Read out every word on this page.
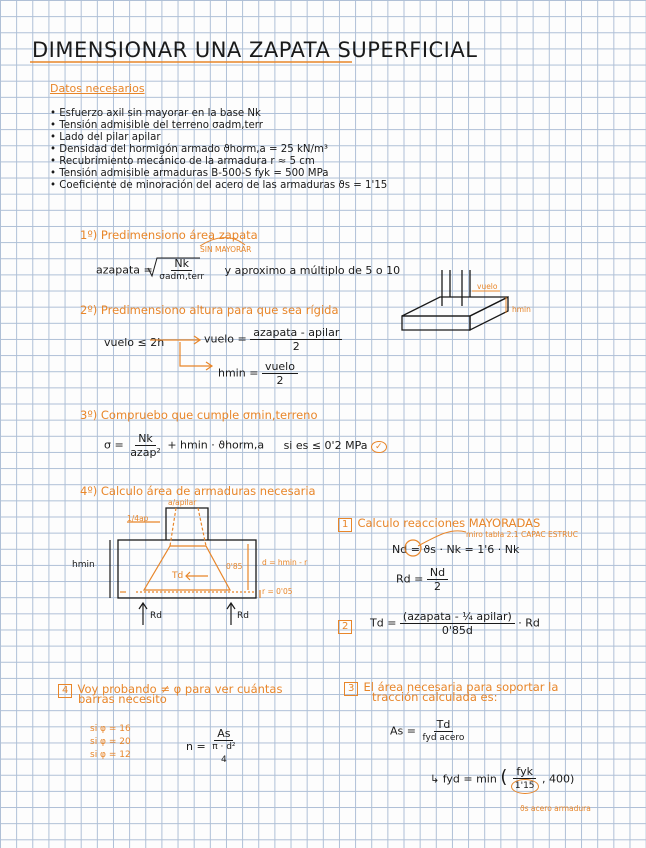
DIMENSIONAR UNA ZAPATA SUPERFICIAL
Datos necesarios
• Esfuerzo axil sin mayorar en la base Nk
• Tensión admisible del terreno σadm,terr
• Lado del pilar apilar
• Densidad del hormigón armado ϑhorm,a = 25 kN/m³
• Recubrimiento mecánico de la armadura r ≈ 5 cm
• Tensión admisible armaduras B-500-S fyk = 500 MPa
• Coeficiente de minoración del acero de las armaduras ϑs = 1'15
1º) Predimensiono área zapata
SIN MAYORAR
azapata = $\frac{Nk}{\text{σadm,terr}}$ y aproximo a múltiplo de 5 o 10
2º) Predimensiono altura para que sea rígida
vuelo ≤ 2h	vuelo = $\frac{\text{azapata - apilar}}{2}$
$hmin = \frac{\text{vuelo}}{2}$
vuelo
hmin
3º) Compruebo que cumple σmin,terreno
$\sigma = \frac{Nk}{\text{azap²}} + hmin$ · ϑhorm,a si es ≤ 0'2 MPa ✓
4º) Calculo área de armaduras necesaria
a/apilar
1/4ap
hmin
Td
0'85	d = hmin - r
r = 0'05
Rd	Rd
1 Calculo reacciones MAYORADAS
miro tabla 2.1 CAPAC ESTRUC
Nd = ϑs · Nk = 1'6 · Nk
$Rd = \frac{Nd}{2}$
2	$Td = \frac{\text{(azapata - ¼ apilar)}}{0'85d} \cdot Rd$
4 Voy probando ≠ φ para ver cuántas
barras necesito
si φ = 16
si φ = 20
si φ = 12
n =
As
π · d²
4
3 El área necesaria para soportar la
tracción calculada es:
$As = \frac{Td}{\text{fyd acero}}$
↳ fyd = min ( $\frac{\text{fyk}}{1'15}$ , 400)
ϑs acero armadura
